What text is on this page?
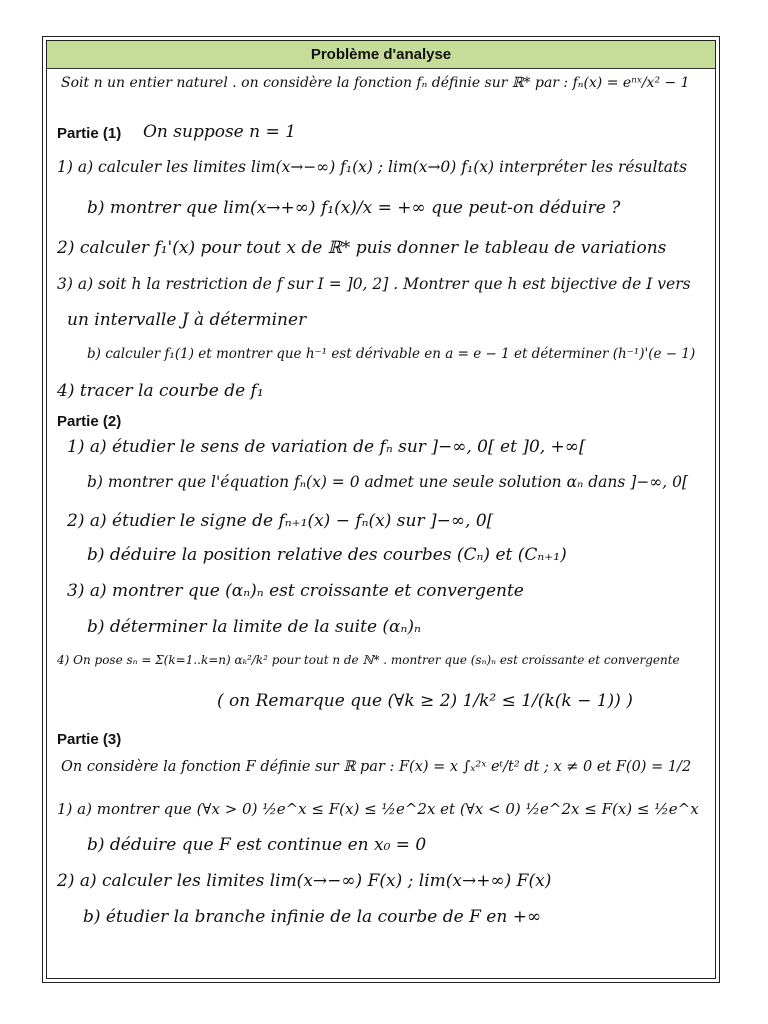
Problème d'analyse
Soit n un entier naturel . on considère la fonction fₙ définie sur ℝ* par : fₙ(x) = eⁿˣ/x² − 1
Partie (1) On suppose n = 1
1) a) calculer les limites lim(x→−∞) f₁(x) ; lim(x→0) f₁(x) interpréter les résultats
b) montrer que lim(x→+∞) f₁(x)/x = +∞ que peut-on déduire ?
2) calculer f₁'(x) pour tout x de ℝ* puis donner le tableau de variations
3) a) soit h la restriction de f sur I = ]0, 2] . Montrer que h est bijective de I vers
un intervalle J à déterminer
b) calculer f₁(1) et montrer que h⁻¹ est dérivable en a = e − 1 et déterminer (h⁻¹)'(e − 1)
4) tracer la courbe de f₁
Partie (2)
1) a) étudier le sens de variation de fₙ sur ]−∞, 0[ et ]0, +∞[
b) montrer que l'équation fₙ(x) = 0 admet une seule solution αₙ dans ]−∞, 0[
2) a) étudier le signe de fₙ₊₁(x) − fₙ(x) sur ]−∞, 0[
b) déduire la position relative des courbes (Cₙ) et (Cₙ₊₁)
3) a) montrer que (αₙ)ₙ est croissante et convergente
b) déterminer la limite de la suite (αₙ)ₙ
4) On pose sₙ = Σ(k=1..k=n) αₖ²/k² pour tout n de ℕ* . montrer que (sₙ)ₙ est croissante et convergente
( on Remarque que (∀k ≥ 2) 1/k² ≤ 1/(k(k − 1)) )
Partie (3)
On considère la fonction F définie sur ℝ par : F(x) = x ∫ₓ²ˣ eᵗ/t² dt ; x ≠ 0 et F(0) = 1/2
1) a) montrer que (∀x > 0) ½e^x ≤ F(x) ≤ ½e^2x et (∀x < 0) ½e^2x ≤ F(x) ≤ ½e^x
b) déduire que F est continue en x₀ = 0
2) a) calculer les limites lim(x→−∞) F(x) ; lim(x→+∞) F(x)
b) étudier la branche infinie de la courbe de F en +∞
